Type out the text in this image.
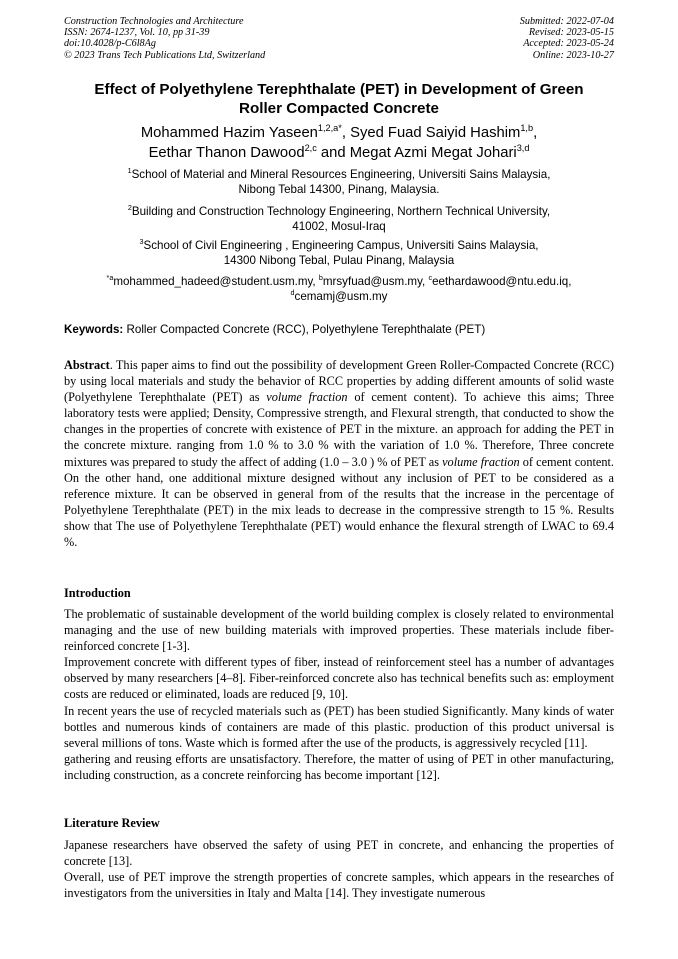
Construction Technologies and Architecture
ISSN: 2674-1237, Vol. 10, pp 31-39
doi:10.4028/p-C6l8Ag
© 2023 Trans Tech Publications Ltd, Switzerland
Submitted: 2022-07-04
Revised: 2023-05-15
Accepted: 2023-05-24
Online: 2023-10-27
Effect of Polyethylene Terephthalate (PET) in Development of Green
Roller Compacted Concrete
Mohammed Hazim Yaseen$^{1,2,a*}$, Syed Fuad Saiyid Hashim$^{1,b}$,
Eethar Thanon Dawood$^{2,c}$ and Megat Azmi Megat Johari$^{3,d}$
$^1$School of Material and Mineral Resources Engineering, Universiti Sains Malaysia,
Nibong Tebal 14300, Pinang, Malaysia.
$^2$Building and Construction Technology Engineering, Northern Technical University,
41002, Mosul-Iraq
$^3$School of Civil Engineering , Engineering Campus, Universiti Sains Malaysia,
14300 Nibong Tebal, Pulau Pinang, Malaysia
$^{*a}$mohammed_hadeed@student.usm.my, $^b$mrsyfuad@usm.my, $^c$eethardawood@ntu.edu.iq,
$^d$cemamj@usm.my
Keywords: Roller Compacted Concrete (RCC), Polyethylene Terephthalate (PET)
Abstract. This paper aims to find out the possibility of development Green Roller-Compacted Concrete (RCC) by using local materials and study the behavior of RCC properties by adding different amounts of solid waste (Polyethylene Terephthalate (PET) as volume fraction of cement content). To achieve this aims; Three laboratory tests were applied; Density, Compressive strength, and Flexural strength, that conducted to show the changes in the properties of concrete with existence of PET in the mixture. an approach for adding the PET in the concrete mixture. ranging from 1.0 % to 3.0 % with the variation of 1.0 %. Therefore, Three concrete mixtures was prepared to study the affect of adding (1.0 – 3.0 ) % of PET as volume fraction of cement content. On the other hand, one additional mixture designed without any inclusion of PET to be considered as a reference mixture. It can be observed in general from of the results that the increase in the percentage of Polyethylene Terephthalate (PET) in the mix leads to decrease in the compressive strength to 15 %. Results show that The use of Polyethylene Terephthalate (PET) would enhance the flexural strength of LWAC to 69.4 %.
Introduction

The problematic of sustainable development of the world building complex is closely related to environmental managing and the use of new building materials with improved properties. These materials include fiber-reinforced concrete [1-3].

Improvement concrete with different types of fiber, instead of reinforcement steel has a number of advantages observed by many researchers [4–8]. Fiber-reinforced concrete also has technical benefits such as: employment costs are reduced or eliminated, loads are reduced [9, 10].

In recent years the use of recycled materials such as (PET) has been studied Significantly. Many kinds of water bottles and numerous kinds of containers are made of this plastic. production of this product universal is several millions of tons. Waste which is formed after the use of the products, is aggressively recycled [11].

gathering and reusing efforts are unsatisfactory. Therefore, the matter of using of PET in other manufacturing, including construction, as a concrete reinforcing has become important [12].

Literature Review

Japanese researchers have observed the safety of using PET in concrete, and enhancing the properties of concrete [13].

Overall, use of PET improve the strength properties of concrete samples, which appears in the researches of investigators from the universities in Italy and Malta [14]. They investigate numerous
